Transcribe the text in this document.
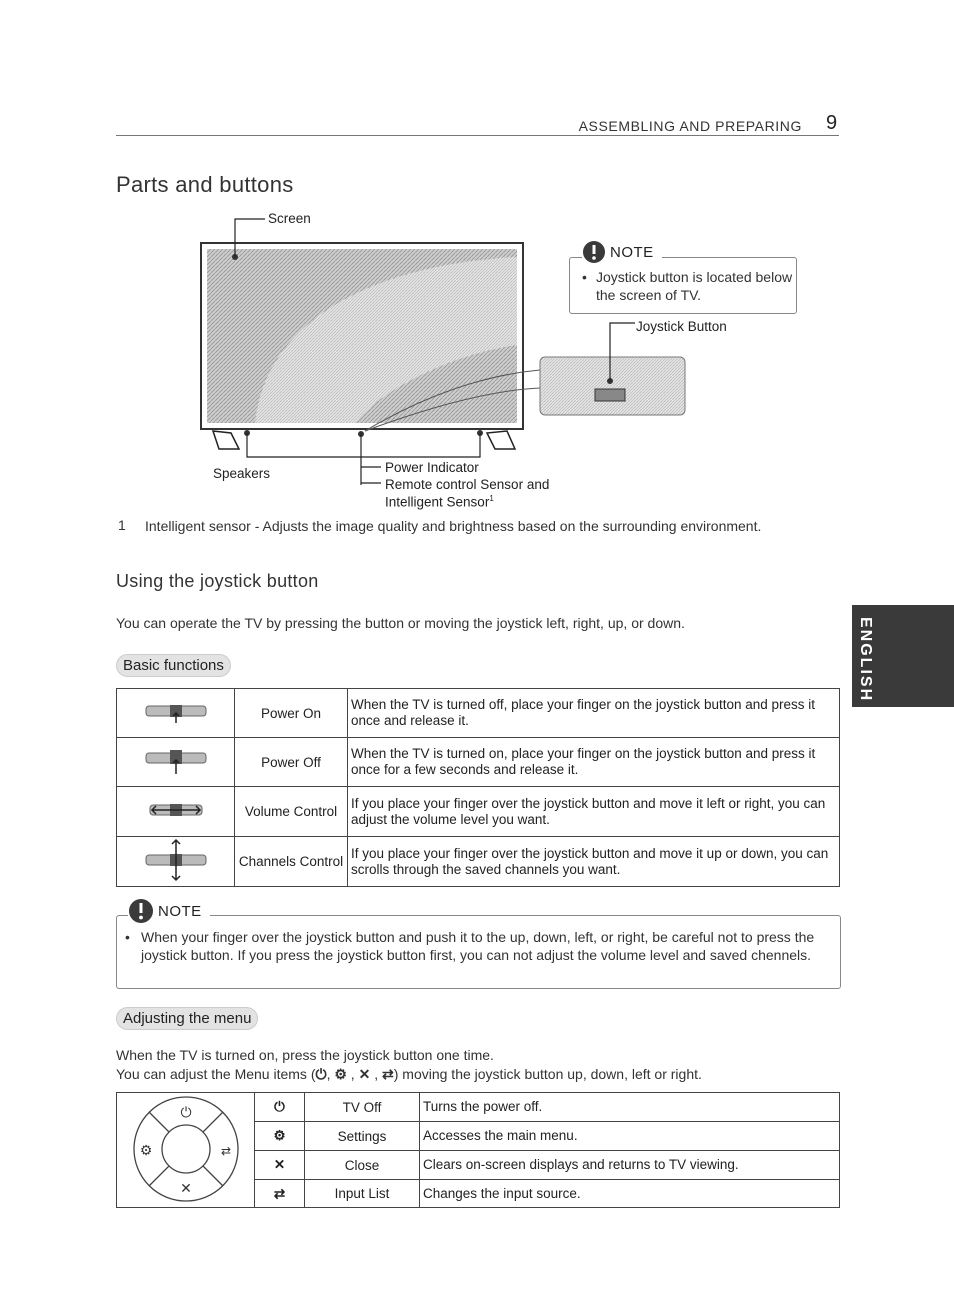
ASSEMBLING AND PREPARING 9
Parts and buttons
Screen
Joystick Button
Speakers	Power Indicator
Remote control Sensor and
Intelligent Sensor$^1$
NOTE
• Joystick button is located below the screen of TV.
1 Intelligent sensor - Adjusts the image quality and brightness based on the surrounding environment.
Using the joystick button
You can operate the TV by pressing the button or moving the joystick left, right, up, or down.	ENGLISH
Basic functions
	Power On	When the TV is turned off, place your finger on the joystick button and press it once and release it.
	Power Off	When the TV is turned on, place your finger on the joystick button and press it once for a few seconds and release it.
	Volume Control	If you place your finger over the joystick button and move it left or right, you can adjust the volume level you want.
	Channels Control	If you place your finger over the joystick button and move it up or down, you can scrolls through the saved channels you want.
NOTE
• When your finger over the joystick button and push it to the up, down, left, or right, be careful not to press the joystick button. If you press the joystick button first, you can not adjust the volume level and saved chennels.
Adjusting the menu
When the TV is turned on, press the joystick button one time.
You can adjust the Menu items (⏻, ⚙ , ✕ , ⇄) moving the joystick button up, down, left or right.
⏻
⚙
✕
⇄	⏻	TV Off	Turns the power off.
	⚙	Settings	Accesses the main menu.
	✕	Close	Clears on-screen displays and returns to TV viewing.
	⇄	Input List	Changes the input source.
